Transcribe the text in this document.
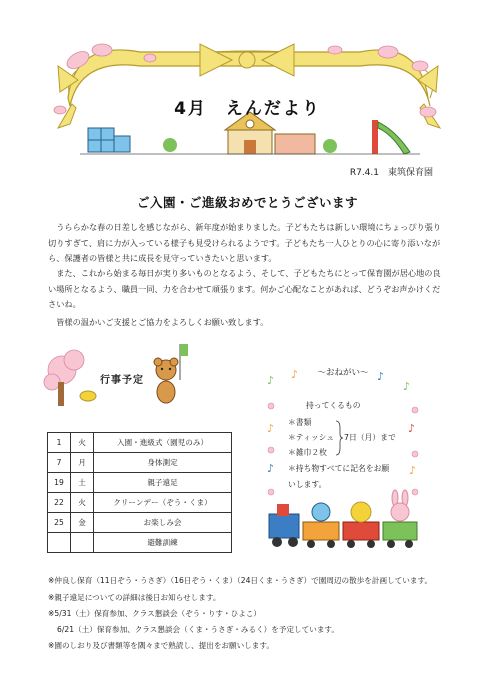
4月　えんだより
R7.4.1　東筑保育園
ご入園・ご進級おめでとうございます
うららかな春の日差しを感じながら、新年度が始まりました。子どもたちは新しい環境にちょっぴり張り切りすぎて、肩に力が入っている様子も見受けられるようです。子どもたち一人ひとりの心に寄り添いながら、保護者の皆様と共に成長を見守っていきたいと思います。
また、これから始まる毎日が実り多いものとなるよう、そして、子どもたちにとって保育園が居心地の良い場所となるよう、職員一同、力を合わせて頑張ります。何かご心配なことがあれば、どうぞお声かけくださいね。
皆様の温かいご支援とご協力をよろしくお願い致します。
行事予定
1	火	入園・進級式（園児のみ）
7	月	身体測定
19	土	親子遠足
22	火	クリーンデー（ぞう・くま）
25	金	お楽しみ会
		避難訓練
♪ ♪	♪
♪
♪	♪
♪	♪
～おねがい～
持ってくるもの
＊書類
＊ティッシュ
＊雑巾２枚
7日（月）まで
＊持ち物すべてに記名をお願
いします。
※仲良し保育（11日ぞう・うさぎ）（16日ぞう・くま）（24日くま・うさぎ）で園周辺の散歩を計画しています。
※親子遠足についての詳細は後日お知らせします。
※5/31（土）保育参加、クラス懇談会（ぞう・りす・ひよこ）
6/21（土）保育参加、クラス懇談会（くま・うさぎ・みるく）を予定しています。
※園のしおり及び書類等を隅々まで熟読し、提出をお願いします。
